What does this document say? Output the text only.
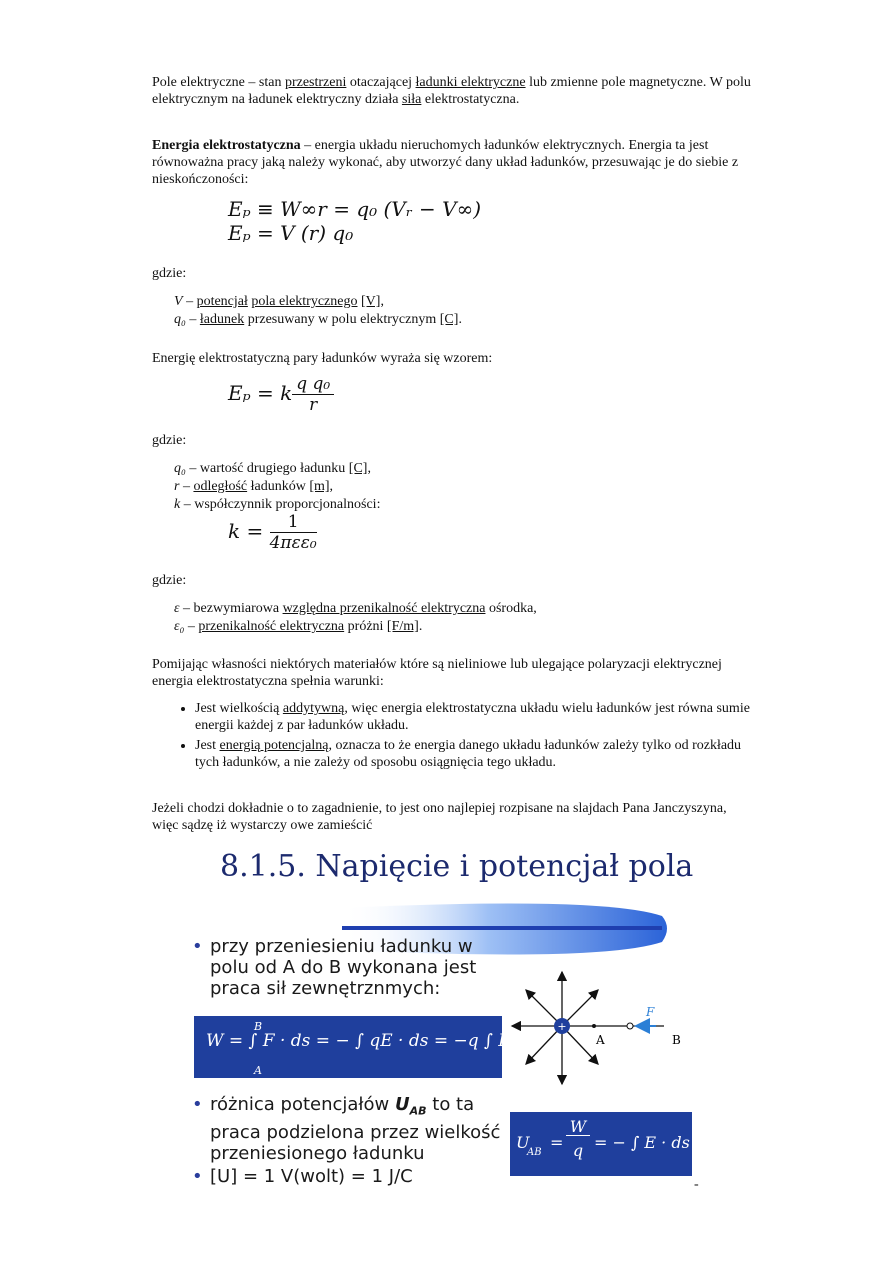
Pole elektryczne – stan przestrzeni otaczającej ładunki elektryczne lub zmienne pole magnetyczne. W polu elektrycznym na ładunek elektryczny działa siła elektrostatyczna.
Energia elektrostatyczna – energia układu nieruchomych ładunków elektrycznych. Energia ta jest równoważna pracy jaką należy wykonać, aby utworzyć dany układ ładunków, przesuwając je do siebie z nieskończoności:
Eₚ ≡ W∞r = q₀ (Vᵣ − V∞)
Eₚ = V (r) q₀
gdzie:
V – potencjał pola elektrycznego [V],
q₀ – ładunek przesuwany w polu elektrycznym [C].
Energię elektrostatyczną pary ładunków wyraża się wzorem:
Eₚ = k $\frac{\text{q q₀}}{r}$
gdzie:
q₀ – wartość drugiego ładunku [C],
r – odległość ładunków [m],
k – współczynnik proporcjonalności:
$k = \frac{1}{\text{4πεε₀}}$
gdzie:
ε – bezwymiarowa względna przenikalność elektryczna ośrodka,
ε₀ – przenikalność elektryczna próżni [F/m].
Pomijając własności niektórych materiałów które są nieliniowe lub ulegające polaryzacji elektrycznej energia elektrostatyczna spełnia warunki:
• Jest wielkością addytywną, więc energia elektrostatyczna układu wielu ładunków jest równa sumie energii każdej z par ładunków układu.
• Jest energią potencjalną, oznacza to że energia danego układu ładunków zależy tylko od rozkładu tych ładunków, a nie zależy od sposobu osiągnięcia tego układu.
Jeżeli chodzi dokładnie o to zagadnienie, to jest ono najlepiej rozpisane na slajdach Pana Janczyszyna, więc sądzę iż wystarczy owe zamieścić
8.1.5. Napięcie i potencjał pola
• przy przeniesieniu ładunku w polu od A do B wykonana jest praca sił zewnętrznmych:
W = ∫ F · ds = − ∫ qE · ds = −q ∫ E · ds
B
A
+
A	B
F
• różnica potencjałów $U_{AB}$ to ta praca podzielona przez wielkość przeniesionego ładunku
U
AB
=
W
q = − ∫ E · ds
• [U] = 1 V(wolt) = 1 J/C	-
